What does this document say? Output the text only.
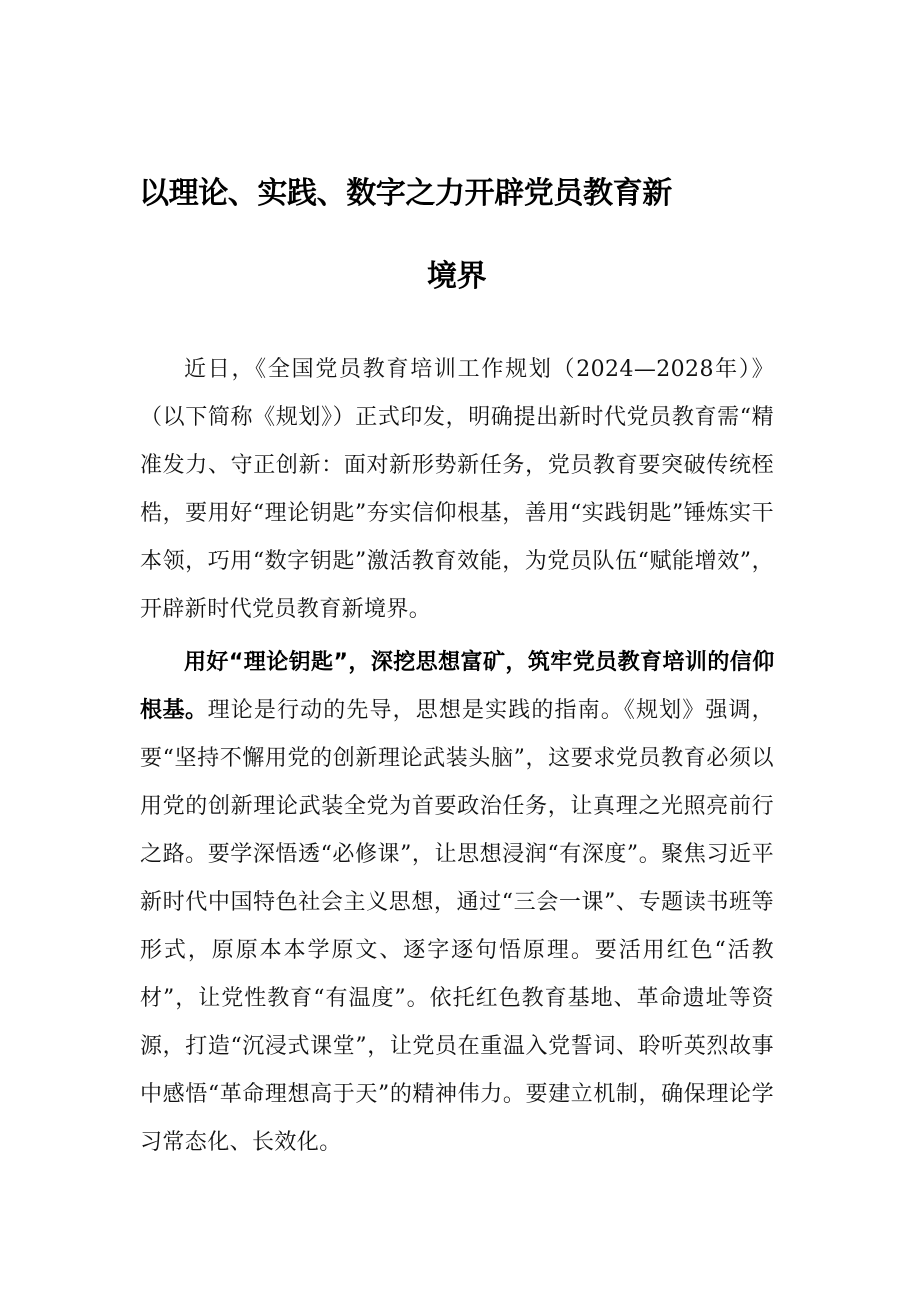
以理论、实践、数字之力开辟党员教育新
境界

近日，《全国党员教育培训工作规划（2024—2028年）》（以下简称《规划》）正式印发，明确提出新时代党员教育需“精准发力、守正创新：面对新形势新任务，党员教育要突破传统桎梏，要用好“理论钥匙”夯实信仰根基，善用“实践钥匙”锤炼实干本领，巧用“数字钥匙”激活教育效能，为党员队伍“赋能增效”，开辟新时代党员教育新境界。

用好“理论钥匙”，深挖思想富矿，筑牢党员教育培训的信仰根基。理论是行动的先导，思想是实践的指南。《规划》强调，要“坚持不懈用党的创新理论武装头脑”，这要求党员教育必须以用党的创新理论武装全党为首要政治任务，让真理之光照亮前行之路。要学深悟透“必修课”，让思想浸润“有深度”。聚焦习近平新时代中国特色社会主义思想，通过“三会一课”、专题读书班等形式，原原本本学原文、逐字逐句悟原理。要活用红色“活教材”，让党性教育“有温度”。依托红色教育基地、革命遗址等资源，打造“沉浸式课堂”，让党员在重温入党誓词、聆听英烈故事中感悟“革命理想高于天”的精神伟力。要建立机制，确保理论学习常态化、长效化。
